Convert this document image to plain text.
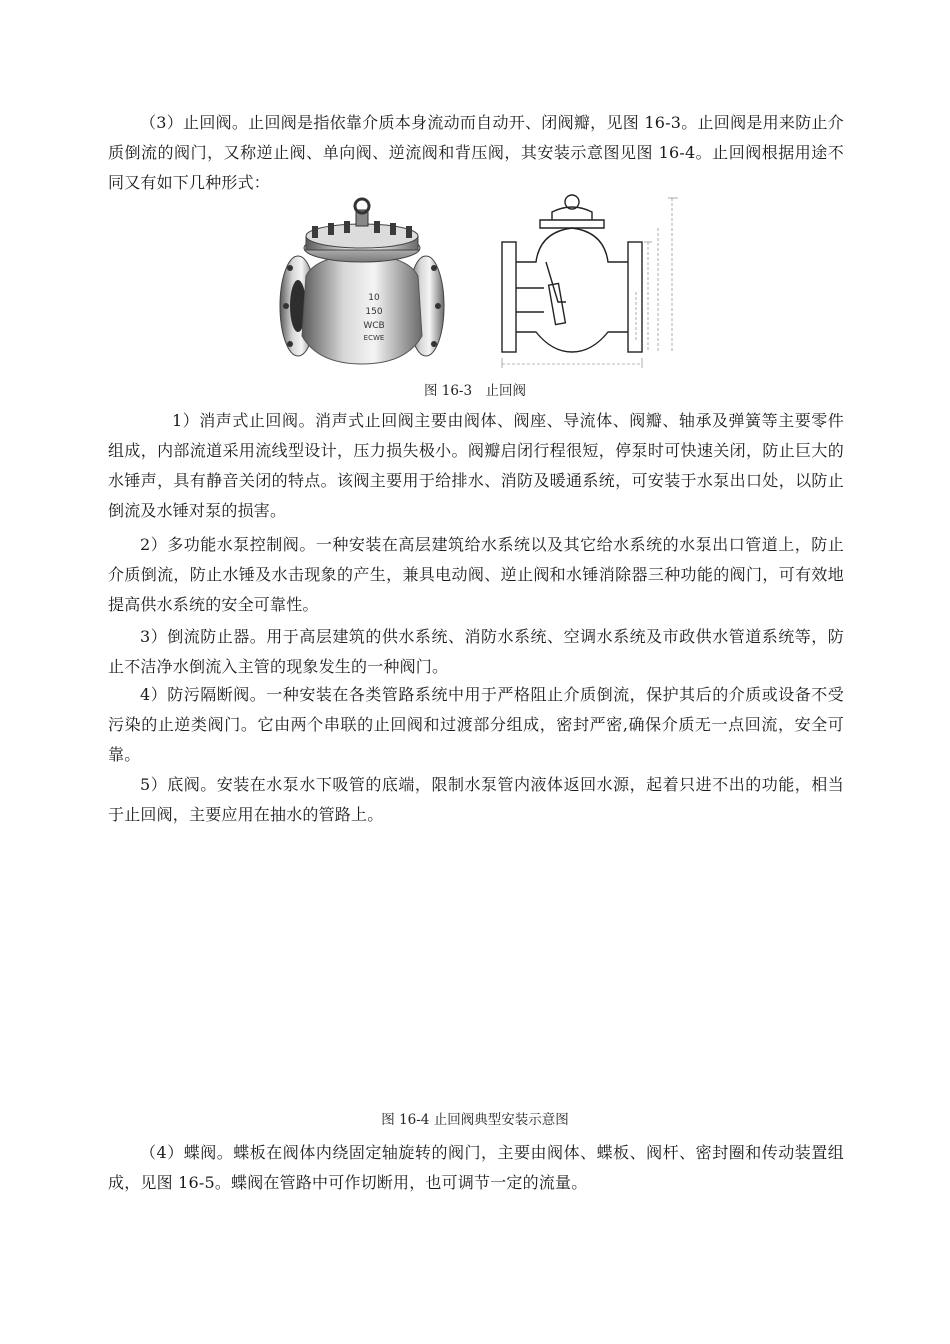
（3）止回阀。止回阀是指依靠介质本身流动而自动开、闭阀瓣，见图 16-3。止回阀是用来防止介质倒流的阀门，又称逆止阀、单向阀、逆流阀和背压阀，其安装示意图见图 16-4。止回阀根据用途不同又有如下几种形式：

10
150
WCB
ECWE
图 16-3　止回阀

1）消声式止回阀。消声式止回阀主要由阀体、阀座、导流体、阀瓣、轴承及弹簧等主要零件组成，内部流道采用流线型设计，压力损失极小。阀瓣启闭行程很短，停泵时可快速关闭，防止巨大的水锤声，具有静音关闭的特点。该阀主要用于给排水、消防及暖通系统，可安装于水泵出口处，以防止倒流及水锤对泵的损害。

2）多功能水泵控制阀。一种安装在高层建筑给水系统以及其它给水系统的水泵出口管道上，防止介质倒流，防止水锤及水击现象的产生，兼具电动阀、逆止阀和水锤消除器三种功能的阀门，可有效地提高供水系统的安全可靠性。

3）倒流防止器。用于高层建筑的供水系统、消防水系统、空调水系统及市政供水管道系统等，防止不洁净水倒流入主管的现象发生的一种阀门。

4）防污隔断阀。一种安装在各类管路系统中用于严格阻止介质倒流，保护其后的介质或设备不受污染的止逆类阀门。它由两个串联的止回阀和过渡部分组成，密封严密,确保介质无一点回流，安全可靠。

5）底阀。安装在水泵水下吸管的底端，限制水泵管内液体返回水源，起着只进不出的功能，相当于止回阀，主要应用在抽水的管路上。

图 16-4 止回阀典型安装示意图

（4）蝶阀。蝶板在阀体内绕固定轴旋转的阀门，主要由阀体、蝶板、阀杆、密封圈和传动装置组成，见图 16-5。蝶阀在管路中可作切断用，也可调节一定的流量。
